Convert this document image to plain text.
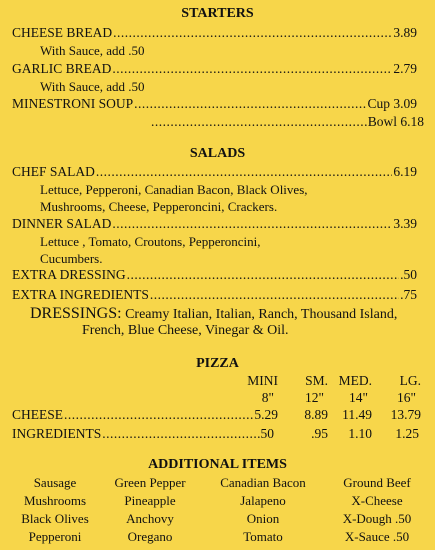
STARTERS
CHEESE BREAD .....	3.89
With Sauce, add .50
GARLIC BREAD .....	2.79
With Sauce, add .50
MINESTRONI SOUP .....	Cup 3.09
.....
Bowl 6.18
SALADS
CHEF SALAD .....	6.19
Lettuce, Pepperoni, Canadian Bacon, Black Olives,
Mushrooms, Cheese, Pepperoncini, Crackers.
DINNER SALAD .....	3.39
Lettuce , Tomato, Croutons, Pepperoncini,
Cucumbers.
EXTRA DRESSING .....	.50
EXTRA INGREDIENTS .....	.75
DRESSINGS: Creamy Italian, Italian, Ranch, Thousand Island,
French, Blue Cheese, Vinegar & Oil.
PIZZA
MINI	SM. MED.	LG.
8"	12"	14"	16"
CHEESE .....	5.29	8.89	11.49	13.79
INGREDIENTS .....	.50	.95	1.10	1.25
ADDITIONAL ITEMS
Sausage	Green Pepper	Canadian Bacon	Ground Beef
Mushrooms	Pineapple	Jalapeno	X-Cheese
Black Olives	Anchovy	Onion	X-Dough .50
Pepperoni	Oregano	Tomato	X-Sauce .50
